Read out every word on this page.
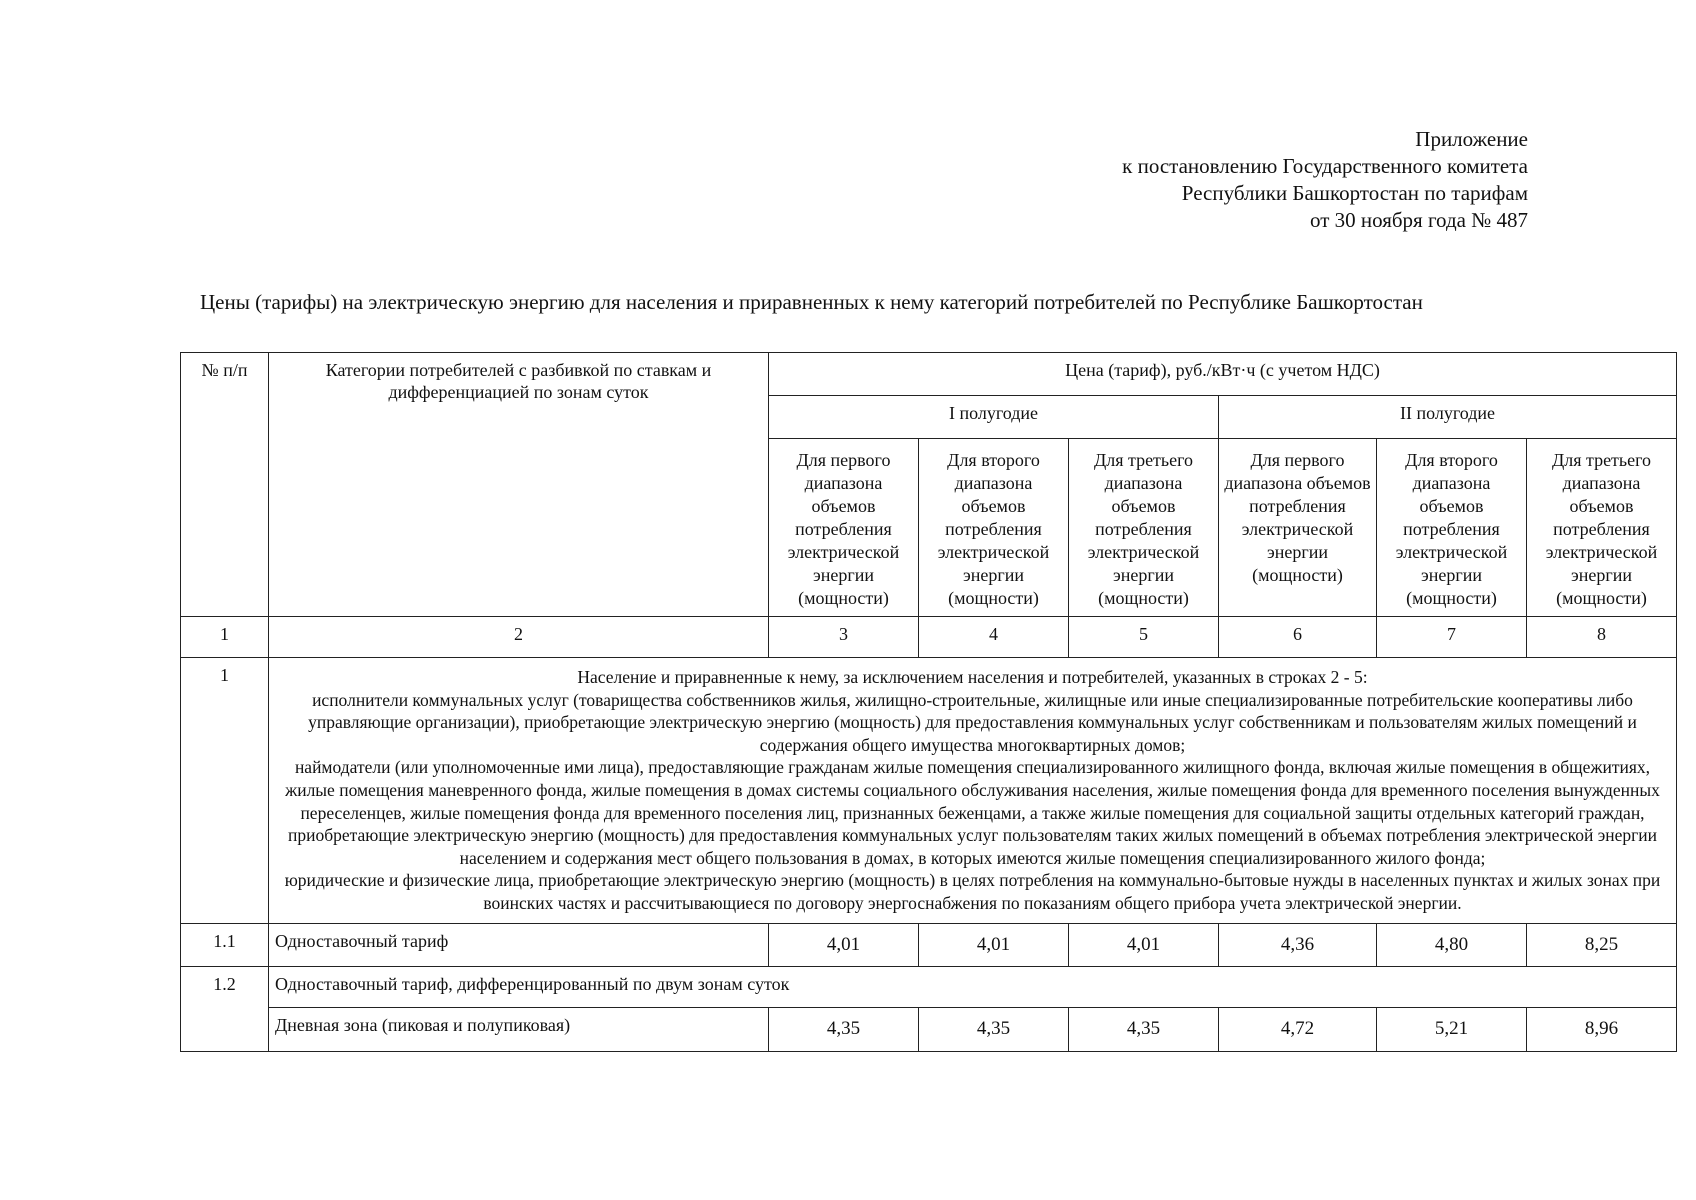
Приложение
к постановлению Государственного комитета
Республики Башкортостан по тарифам
от 30 ноября года № 487
Цены (тарифы) на электрическую энергию для населения и приравненных к нему категорий потребителей по Республике Башкортостан
№ п/п	Категории потребителей с разбивкой по ставкам и дифференциацией по зонам суток	Цена (тариф), руб./кВт·ч (с учетом НДС)					
		I полугодие			II полугодие		
		Для первого диапазона объемов потребления электрической энергии (мощности)	Для второго диапазона объемов потребления электрической энергии (мощности)	Для третьего диапазона объемов потребления электрической энергии (мощности)	Для первого диапазона объемов потребления электрической энергии (мощности)	Для второго диапазона объемов потребления электрической энергии (мощности)	Для третьего диапазона объемов потребления электрической энергии (мощности)
1	2	3	4	5	6	7	8
1	Население и приравненные к нему, за исключением населения и потребителей, указанных в строках 2 - 5:
исполнители коммунальных услуг (товарищества собственников жилья, жилищно-строительные, жилищные или иные специализированные потребительские кооперативы либо управляющие организации), приобретающие электрическую энергию (мощность) для предоставления коммунальных услуг собственникам и пользователям жилых помещений и содержания общего имущества многоквартирных домов;
наймодатели (или уполномоченные ими лица), предоставляющие гражданам жилые помещения специализированного жилищного фонда, включая жилые помещения в общежитиях, жилые помещения маневренного фонда, жилые помещения в домах системы социального обслуживания населения, жилые помещения фонда для временного поселения вынужденных переселенцев, жилые помещения фонда для временного поселения лиц, признанных беженцами, а также жилые помещения для социальной защиты отдельных категорий граждан, приобретающие электрическую энергию (мощность) для предоставления коммунальных услуг пользователям таких жилых помещений в объемах потребления электрической энергии населением и содержания мест общего пользования в домах, в которых имеются жилые помещения специализированного жилого фонда;
юридические и физические лица, приобретающие электрическую энергию (мощность) в целях потребления на коммунально-бытовые нужды в населенных пунктах и жилых зонах при воинских частях и рассчитывающиеся по договору энергоснабжения по показаниям общего прибора учета электрической энергии.						

1.1	Одноставочный тариф	4,01	4,01	4,01	4,36	4,80	8,25
1.2	Одноставочный тариф, дифференцированный по двум зонам суток						
	Дневная зона (пиковая и полупиковая)	4,35	4,35	4,35	4,72	5,21	8,96
